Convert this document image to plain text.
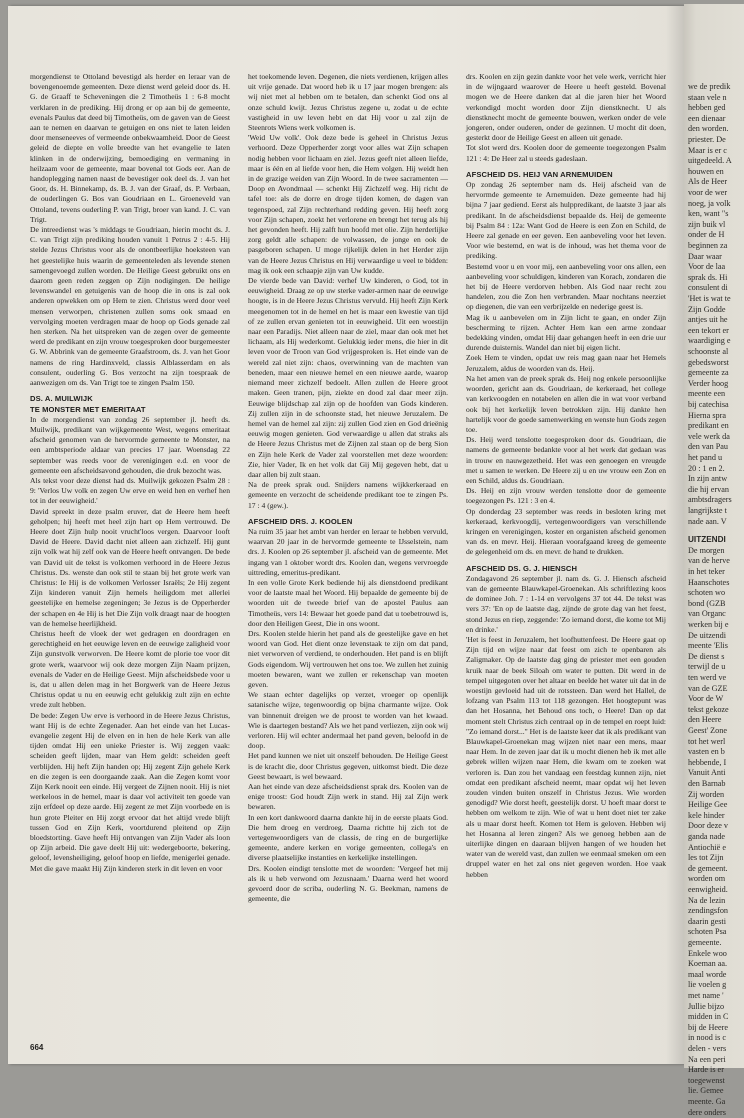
morgendienst te Ottoland bevestigd als herder en leraar van de bovengenoemde gemeenten. Deze dienst werd geleid door ds. H. G. de Graaff te Scheveningen die 2 Timotheüs 1 : 6-8 mocht verklaren in de prediking. Hij drong er op aan bij de gemeente, evenals Paulus dat deed bij Timotheüs, om de gaven van de Geest aan te nemen en daarvan te getuigen en ons niet te laten leiden door menseneeves of vermeende onbekwaamheid. Door de Geest geleid de diepte en volle breedte van het evangelie te laten klinken in de onderwijzing, bemoediging en vermaning in heilzaam voor de gemeente, maar bovenal tot Gods eer. Aan de handoplegging namen naast de bevestiger ook deel ds. J. van het Goor, ds. H. Binnekamp, ds. B. J. van der Graaf, ds. P. Verbaan, de ouderlingen G. Bos van Goudriaan en L. Groeneveld van Ottoland, tevens ouderling P. van Trigt, broer van kand. J. C. van Trigt.

De intreedienst was 's middags te Goudriaan, hierin mocht ds. J. C. van Trigt zijn prediking houden vanuit 1 Petrus 2 : 4-5. Hij stelde Jezus Christus voor als de onontbeerlijke hoeksteen van het geestelijke huis waarin de gemeenteleden als levende stenen samengevoegd zullen worden. De Heilige Geest gebruikt ons en daarom geen reden zeggen op Zijn nodigingen. De heilige levenswandel en getuigenis van de hoop die in ons is zal ook anderen opwekken om op Hem te zien. Christus werd door veel mensen verworpen, christenen zullen soms ook smaad en vervolging moeten verdragen maar de hoop op Gods genade zal hen sterken. Na het uitspreken van de zegen over de gemeente werd de predikant en zijn vrouw toegesproken door burgemeester G. W. Abbrink van de gemeente Graafstroom, ds. J. van het Goor namens de ring Hardinxveld, classis Alblasserdam en als consulent, ouderling G. Bos verzocht na zijn toespraak de aanwezigen om ds. Van Trigt toe te zingen Psalm 150.

DS. A. MUILWIJK
TE MONSTER MET EMERITAAT

In de morgendienst van zondag 26 september jl. heeft ds. Muilwijk, predikant van wijkgemeente West, wegens emeritaat afscheid genomen van de hervormde gemeente te Monster, na een ambtsperiode aldaar van precies 17 jaar. Woensdag 22 september was reeds voor de verenigingen e.d. en voor de gemeente een afscheidsavond gehouden, die druk bezocht was.

Als tekst voor deze dienst had ds. Muilwijk gekozen Psalm 28 : 9: 'Verlos Uw volk en zegen Uw erve en weid hen en verhef hen tot in der eeuwigheid.'

David spreekt in deze psalm eruver, dat de Heere hem heeft geholpen; hij heeft met heel zijn hart op Hem vertrouwd. De Heere doet Zijn hulp nooit vrucht'loos vergen. Daarvoor looft David de Heere. David dacht niet alleen aan zichzelf. Hij gunt zijn volk wat hij zelf ook van de Heere heeft ontvangen. De bede van David uit de tekst is volkomen verhoord in de Heere Jezus Christus. Ds. wenste dan ook stil te staan bij het grote werk van Christus: Ie Hij is de volkomen Verlosser Israëls; 2e Hij zegent Zijn kinderen vanuit Zijn hemels heiligdom met allerlei geestelijke en hemelse zegeningen; 3e Jezus is de Opperherder der schapen en 4e Hij is het Die Zijn volk draagt naar de hoogten van de hemelse heerlijkheid.

Christus heeft de vloek der wet gedragen en doordragen en gerechtigheid en het eeuwige leven en de eeuwige zaligheid voor Zijn gunstvolk verworven. De Heere komt de plorie toe voor dit grote werk, waarvoor wij ook deze morgen Zijn Naam prijzen, evenals de Vader en de Heilige Geest. Mijn afscheidsbede voor u is, dat u allen delen mag in het Borgwerk van de Heere Jezus Christus opdat u nu en eeuwig echt gelukkig zult zijn en echte vrede zult hebben.

De bede: Zegen Uw erve is verhoord in de Heere Jezus Christus, want Hij is de echte Zegenader. Aan het einde van het Lucas-evangelie zegent Hij de elven en in hen de hele Kerk van alle tijden omdat Hij een unieke Priester is. Wij zeggen vaak: scheiden geeft lijden, maar van Hem geldt: scheiden geeft verblijden. Hij heft Zijn handen op; Hij zegent Zijn gehele Kerk en die zegen is een doorgaande zaak. Aan die Zegen komt voor Zijn Kerk nooit een einde. Hij vergeet de Zijnen nooit. Hij is niet werkeloos in de hemel, maar is daar vol activiteit ten goede van zijn erfdeel op deze aarde. Hij zegent ze met Zijn voorbede en is hun grote Pleiter en Hij zorgt ervoor dat het altijd vrede blijft tussen God en Zijn Kerk, voortdurend pleitend op Zijn bloedstorting. Gave heeft Hij ontvangen van Zijn Vader als loon op Zijn arbeid. Die gave deelt Hij uit: wedergeboorte, bekering, geloof, levensheiliging, geloof hoop en liefde, menigerlei genade. Met die gave maakt Hij Zijn kinderen sterk in dit leven en voor

het toekomende leven. Degenen, die niets verdienen, krijgen alles uit vrije genade. Dat woord heb ik u 17 jaar mogen brengen: als wij niet met al hebben om te betalen, dan schenkt God ons al onze schuld kwijt. Jezus Christus zegene u, zodat u de echte vastigheid in uw leven hebt en dat Hij voor u zal zijn de Steenrots Wiens werk volkomen is.

'Weid Uw volk'. Ook deze bede is geheel in Christus Jezus verhoord. Deze Opperherder zorgt voor alles wat Zijn schapen nodig hebben voor lichaam en ziel. Jezus geeft niet alleen liefde, maar is één en al liefde voor hen, die Hem volgen. Hij weidt hen in de grazige weiden van Zijn Woord. In de twee sacramenten — Doop en Avondmaal — schenkt Hij Zichzelf weg. Hij richt de tafel toe: als de dorre en droge tijden komen, de dagen van tegenspoed, zal Zijn rechterhand redding geven. Hij heeft zorg voor Zijn schapen, zoekt het verlorene en brengt het terug als hij het gevonden heeft. Hij zalft hun hoofd met olie. Zijn herderlijke zorg geldt alle schapen: de volwassen, de jonge en ook de pasgeboren schapen. U moge rijkelijk delen in het Herder zijn van de Heere Jezus Christus en Hij verwaardige u veel te bidden: mag ik ook een schaapje zijn van Uw kudde.

De vierde bede van David: verhef Uw kinderen, o God, tot in eeuwigheid. Draag ze op uw sterke vader-armen naar de eeuwige hoogte, is in de Heere Jezus Christus vervuld. Hij heeft Zijn Kerk meegenomen tot in de hemel en het is maar een kwestie van tijd of ze zullen ervan genieten tot in eeuwigheid. Uit een woestijn naar een Paradijs. Niet alleen naar de ziel, maar dan ook met het lichaam, als Hij wederkomt. Gelukkig ieder mens, die hier in dit leven voor de Troon van God vrijgesproken is. Het einde van de wereld zal niet zijn: chaos, overwinning van de machten van beneden, maar een nieuwe hemel en een nieuwe aarde, waarop niemand meer zichzelf bedoelt. Allen zullen de Heere groot maken. Geen tranen, pijn, ziekte en dood zal daar meer zijn. Eeuwige blijdschap zal zijn op de hoofden van Gods kinderen. Zij zullen zijn in de schoonste stad, het nieuwe Jeruzalem. De hemel van de hemel zal zijn: zij zullen God zien en God drieënig eeuwig mogen genieten. God verwaardige u allen dat straks als de Heere Jezus Christus met de Zijnen zal staan op de berg Sion en Zijn hele Kerk de Vader zal voorstellen met deze woorden: Zie, hier Vader, Ik en het volk dat Gij Mij gegeven hebt, dat u daar allen bij zult staan.

Na de preek sprak oud. Snijders namens wijkkerkeraad en gemeente en verzocht de scheidende predikant toe te zingen Ps. 17 : 4 (gew.).

AFSCHEID DRS. J. KOOLEN

Na ruim 35 jaar het ambt van herder en leraar te hebben vervuld, waarvan 20 jaar in de hervormde gemeente te IJsselstein, nam drs. J. Koolen op 26 september jl. afscheid van de gemeente. Met ingang van 1 oktober wordt drs. Koolen dan, wegens vervroegde uittreding, emeritus-predikant.

In een volle Grote Kerk bediende hij als dienstdoend predikant voor de laatste maal het Woord. Hij bepaalde de gemeente bij de woorden uit de tweede brief van de apostel Paulus aan Timotheüs, vers 14: Bewaar het goede pand dat u toebetrouwd is, door den Heiligen Geest, Die in ons woont.

Drs. Koolen stelde hierin het pand als de geestelijke gave en het woord van God. Het dient onze levenstaak te zijn om dat pand, niet verworven of verdiend, te onderhouden. Het pand is en blijft Gods eigendom. Wij vertrouwen het ons toe. We zullen het zuinig moeten bewaren, want we zullen er rekenschap van moeten geven.

We staan echter dagelijks op verzet, vroeger op openlijk satanische wijze, tegenwoordig op bijna charmante wijze. Ook van binnenuit dreigen we de proost te worden van het kwaad. Wie is daartegen bestand? Als we het pand verliezen, zijn ook wij verloren. Hij wil echter andermaal het pand geven, beloofd in de doop.

Het pand kunnen we niet uit onszelf behouden. De Heilige Geest is de kracht die, door Christus gegeven, uitkomst biedt. Die deze Geest bewaart, is wel bewaard.

Aan het einde van deze afscheidsdienst sprak drs. Koolen van de enige troost: God houdt Zijn werk in stand. Hij zal Zijn werk bewaren.

In een kort dankwoord daarna dankte hij in de eerste plaats God. Die hem droeg en verdroeg. Daarna richtte hij zich tot de vertegenwoordigers van de classis, de ring en de burgerlijke gemeente, andere kerken en vorige gemeenten, collega's en diverse plaatselijke instanties en kerkelijke instellingen.

Drs. Koolen eindigt tenslotte met de woorden: 'Vergeef het mij als ik u heb verwond om Jezusnaam.' Daarna werd het woord gevoerd door de scriba, ouderling N. G. Beekman, namens de gemeente, die

drs. Koolen en zijn gezin dankte voor het vele werk, verricht hier in de wijngaard waarover de Heere u heeft gesteld. Bovenal mogen we de Heere danken dat al die jaren hier het Woord verkondigd mocht worden door Zijn dienstknecht. U als dienstknecht mocht de gemeente bouwen, werken onder de vele jongeren, onder ouderen, onder de gezinnen. U mocht dit doen, gesterkt door de Heilige Geest en alleen uit genade.

Tot slot werd drs. Koolen door de gemeente toegezongen Psalm 121 : 4: De Heer zal u steeds gadeslaan.

AFSCHEID DS. HEIJ VAN ARNEMUIDEN

Op zondag 26 september nam ds. Heij afscheid van de hervormde gemeente te Arnemuiden. Deze gemeente had hij bijna 7 jaar gediend. Eerst als hulppredikant, de laatste 3 jaar als predikant. In de afscheidsdienst bepaalde ds. Heij de gemeente bij Psalm 84 : 12a: Want God de Heere is een Zon en Schild, de Heere zal genade en eer geven. Een aanbeveling voor het leven. Voor wie bestemd, en wat is de inhoud, was het thema voor de prediking.

Bestemd voor u en voor mij, een aanbeveling voor ons allen, een aanbeveling voor schuldigen, kinderen van Korach, zondaren die het bij de Heere verdorven hebben. Als God naar recht zou handelen, zou die Zon hen verbranden. Maar nochtans neerziet op diegenen, die van een verbrijzelde en nederige geest is.

Mag ik u aanbevelen om in Zijn licht te gaan, en onder Zijn bescherming te rijzen. Achter Hem kan een arme zondaar bedekking vinden, omdat Hij daar gehangen heeft in een drie uur durende duisternis. Wandel dan niet bij eigen licht.

Zoek Hem te vinden, opdat uw reis mag gaan naar het Hemels Jeruzalem, aldus de woorden van ds. Heij.

Na het amen van de preek sprak ds. Heij nog enkele persoonlijke woorden, gericht aan ds. Goudriaan, de kerkeraad, het college van kerkvoogden en notabelen en allen die in wat voor verband ook bij het kerkelijk leven betrokken zijn. Hij dankte hen hartelijk voor de goede samenwerking en wenste hun Gods zegen toe.

Ds. Heij werd tenslotte toegesproken door ds. Goudriaan, die namens de gemeente bedankte voor al het werk dat gedaan was in trouw en nauwgezetheid. Het was een genoegen en vreugde met u samen te werken. De Heere zij u en uw vrouw een Zon en een Schild, aldus ds. Goudriaan.

Ds. Heij en zijn vrouw werden tenslotte door de gemeente toegezongen Ps. 121 : 3 en 4.

Op donderdag 23 september was reeds in besloten kring met kerkeraad, kerkvoogdij, vertegenwoordigers van verschillende kringen en verenigingen, koster en organisten afscheid genomen van ds. en mevr. Heij. Hieraan voorafgaand kreeg de gemeente de gelegenheid om ds. en mevr. de hand te drukken.

AFSCHEID DS. G. J. HIENSCH

Zondagavond 26 september jl. nam ds. G. J. Hiensch afscheid van de gemeente Blauwkapel-Groenekan. Als schriftlezing koos de dominee Joh. 7 : 1-14 en vervolgens 37 tot 44. De tekst was vers 37: 'En op de laatste dag, zijnde de grote dag van het feest, stond Jezus en riep, zeggende: 'Zo iemand dorst, die kome tot Mij en drinke.'

'Het is feest in Jeruzalem, het loofhuttenfeest. De Heere gaat op Zijn tijd en wijze naar dat feest om zich te openbaren als Zaligmaker. Op de laatste dag ging de priester met een gouden kruik naar de beek Siloah om water te putten. Dit werd in de tempel uitgegoten over het altaar en beelde het water uit dat in de woestijn gevloeid had uit de rotssteen. Dan werd het Hallel, de lofzang van Psalm 113 tot 118 gezongen. Het hoogtepunt was dan het Hosanna, het Behoud ons toch, o Heere! Dan op dat moment stelt Christus zich centraal op in de tempel en roept luid: "Zo iemand dorst..." Het is de laatste keer dat ik als predikant van Blauwkapel-Groenekan mag wijzen niet naar een mens, maar naar Hem. In de zeven jaar dat ik u mocht dienen heb ik met alle gebrek willen wijzen naar Hem, die kwam om te zoeken wat verloren is. Dan zou het vandaag een feestdag kunnen zijn, niet omdat een predikant afscheid neemt, maar opdat wij het leven zouden vinden buiten onszelf in Christus Jezus. Wie worden genodigd? Wie dorst heeft, geestelijk dorst. U hoeft maar dorst te hebben om welkom te zijn. Wie of wat u hent doet niet ter zake als u maar dorst heeft. Komen tot Hem is geloven. Hebben wij het Hosanna al leren zingen? Als we genoeg hebben aan de uiterlijke dingen en daaraan blijven hangen of we houden het water van de wereld vast, dan zullen we eenmaal smeken om een druppel water en het zal ons niet gegeven worden. Hoe vaak hebben

664
we de predik
staan vele n
hebben ged
een dienaar
den worden.
priester. De
Maar is er c
uitgedeeld. A
houwen en
Als de Heer
voor de wer
noeg, ja volk
ken, want "s
zijn buik vl
onder de H
beginnen za
Daar waar
Voor de laa
sprak ds. Hi
consulent di
'Het is wat te
Zijn Godde
antjes uit he
een tekort er
waardiging e
schoonste al
gebedsworst
gemeente za
Verder hoog
meente een
bij catechisa
Hierna spra
predikant en
vele werk da
den van Pau
het pand u
20 : 1 en 2.
In zijn antw
die hij ervan
ambtsdragers
langrijkste t
nade aan. V
UITZENDI
De morgen
van de herve
in het teker
Haanschotes
schoten wo
bond (GZB
van Organc
werken bij e
De uitzendi
meente 'Elis
De dienst s
terwijl de u
ten werd ve
van de GZE
Voor de W
tekst gekoze
den Heere
Geest' Zone
tot het werl
vasten en b
hebbende, I
Vanuit Anti
den Barnab
Zij worden
Heilige Gee
kele hinder
Door deze v
ganda nade
Antiochië e
les tot Zijn
de gemeent.
worden om
eenwigheid.
Na de lezin
zendingsfon
daarin gesti
schoten Psa
gemeente.
Enkele woo
Koeman aa.
maal worde
lie voelen g
met name '
Jullie bijzo
midden in C
bij de Heere
in nood is c
delen - vers
Na een peri
Harde is er
toegewenst
lie. Gemee
meente. Ga
dere onders
